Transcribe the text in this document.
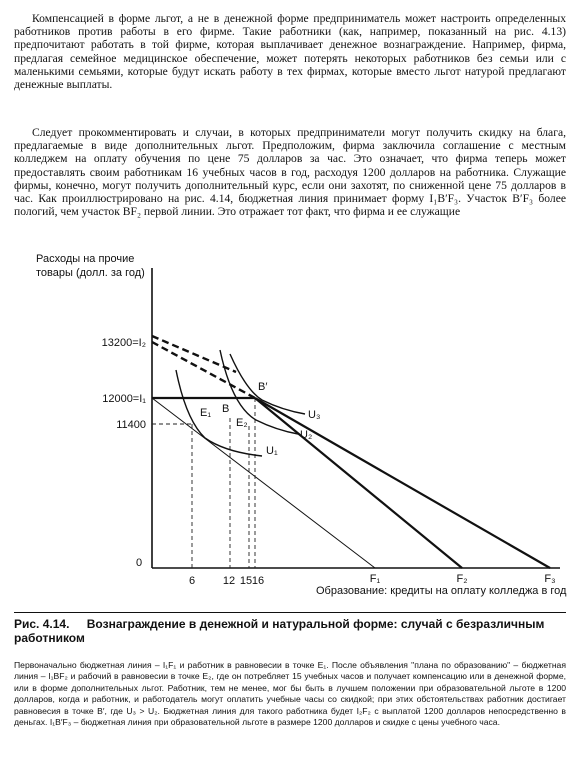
Компенсацией в форме льгот, а не в денежной форме предприниматель может настроить определенных работников против работы в его фирме. Такие работники (как, например, показанный на рис. 4.13) предпочитают работать в той фирме, которая выплачивает денежное вознаграждение. Например, фирма, предлагая семейное медицинское обеспечение, может потерять некоторых работников без семьи или с маленькими семьями, которые будут искать работу в тех фирмах, которые вместо льгот натурой предлагают денежные выплаты.

Следует прокомментировать и случаи, в которых предприниматели могут получить скидку на блага, предлагаемые в виде дополнительных льгот. Предположим, фирма заключила соглашение с местным колледжем на оплату обучения по цене 75 долларов за час. Это означает, что фирма теперь может предоставлять своим работникам 16 учебных часов в год, расходуя 1200 долларов на работника. Служащие фирмы, конечно, могут получить дополнительный курс, если они захотят, по сниженной цене 75 долларов в час. Как проиллюстрировано на рис. 4.14, бюджетная линия принимает форму I₁B′F₃. Участок B′F₃ более пологий, чем участок BF₂ первой линии. Это отражает тот факт, что фирма и ее служащие

Расходы на прочие
товары (долл. за год)
0
13200=I₂
12000=I₁
11400
6	12 15 16	F₁	F₂	F₃
E₁ B
E₂
B′
U₃
U₂
U₁
Образование: кредиты на оплату колледжа в год
Рис. 4.14. Вознаграждение в денежной и натуральной форме: случай с безразличным работником

Первоначально бюджетная линия – I₁F₁ и работник в равновесии в точке E₁. После объявления "плана по образованию" – бюджетная линия – I₁BF₂ и рабочий в равновесии в точке E₂, где он потребляет 15 учебных часов и получает компенсацию или в денежной форме, или в форме дополнительных льгот. Работник, тем не менее, мог бы быть в лучшем положении при образовательной льготе в 1200 долларов, когда и работник, и работодатель могут оплатить учебные часы со скидкой; при этих обстоятельствах работник достигает равновесия в точке B′, где U₃ > U₂. Бюджетная линия для такого работника будет I₂F₂ с выплатой 1200 долларов непосредственно в деньгах. I₁B′F₃ – бюджетная линия при образовательной льготе в размере 1200 долларов и скидке с цены учебного часа.
